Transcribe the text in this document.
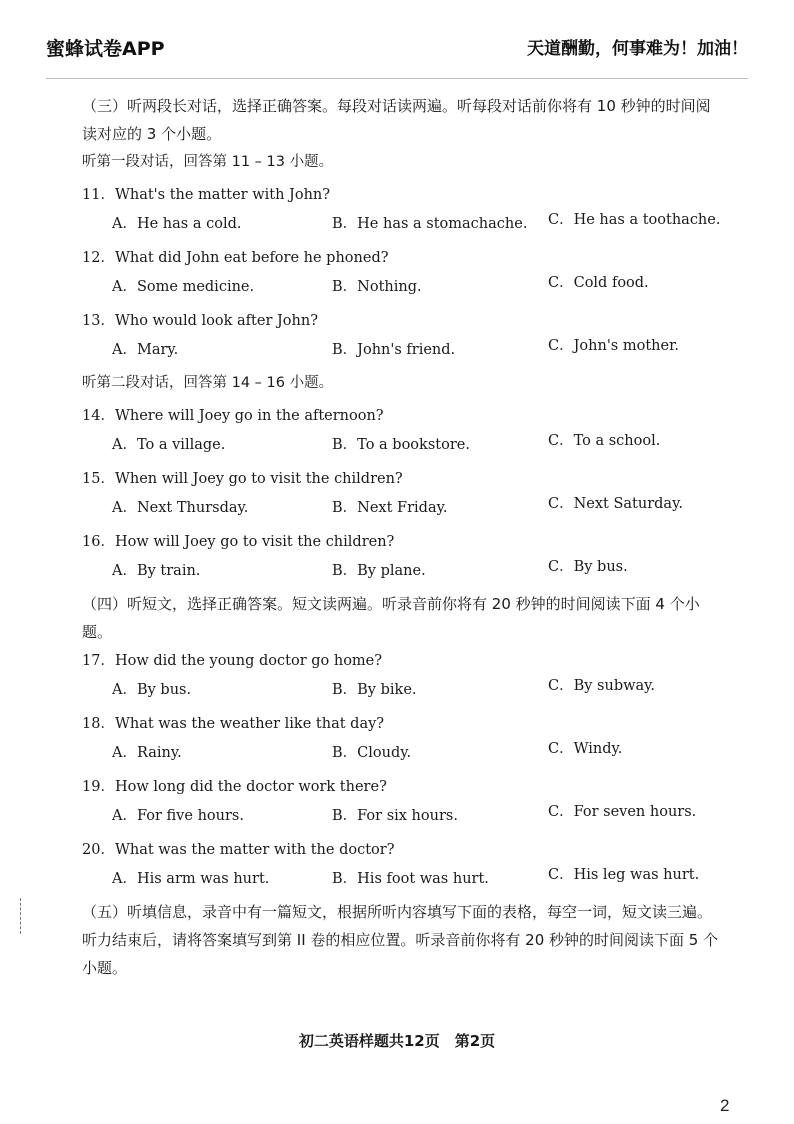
蜜蜂试卷APP	天道酬勤，何事难为！加油！

（三）听两段长对话，选择正确答案。每段对话读两遍。听每段对话前你将有 10 秒钟的时间阅读对应的 3 个小题。

听第一段对话，回答第 11 – 13 小题。

11．What's the matter with John?
A．He has a cold.	B．He has a stomachache. C．He has a toothache.
12．What did John eat before he phoned?
A．Some medicine.	B．Nothing.	C．Cold food.
13．Who would look after John?
A．Mary.	B．John's friend.	C．John's mother.

听第二段对话，回答第 14 – 16 小题。

14．Where will Joey go in the afternoon?
A．To a village.	B．To a bookstore.	C．To a school.
15．When will Joey go to visit the children?
A．Next Thursday.	B．Next Friday.	C．Next Saturday.
16．How will Joey go to visit the children?
A．By train.	B．By plane.	C．By bus.

（四）听短文，选择正确答案。短文读两遍。听录音前你将有 20 秒钟的时间阅读下面 4 个小题。

17．How did the young doctor go home?
A．By bus.	B．By bike.	C．By subway.
18．What was the weather like that day?
A．Rainy.	B．Cloudy.	C．Windy.
19．How long did the doctor work there?
A．For five hours.	B．For six hours.	C．For seven hours.
20．What was the matter with the doctor?
A．His arm was hurt.	B．His foot was hurt.	C．His leg was hurt.

（五）听填信息，录音中有一篇短文，根据所听内容填写下面的表格，每空一词，短文读三遍。听力结束后，请将答案填写到第 II 卷的相应位置。听录音前你将有 20 秒钟的时间阅读下面 5 个小题。

初二英语样题共12页　第2页
2
